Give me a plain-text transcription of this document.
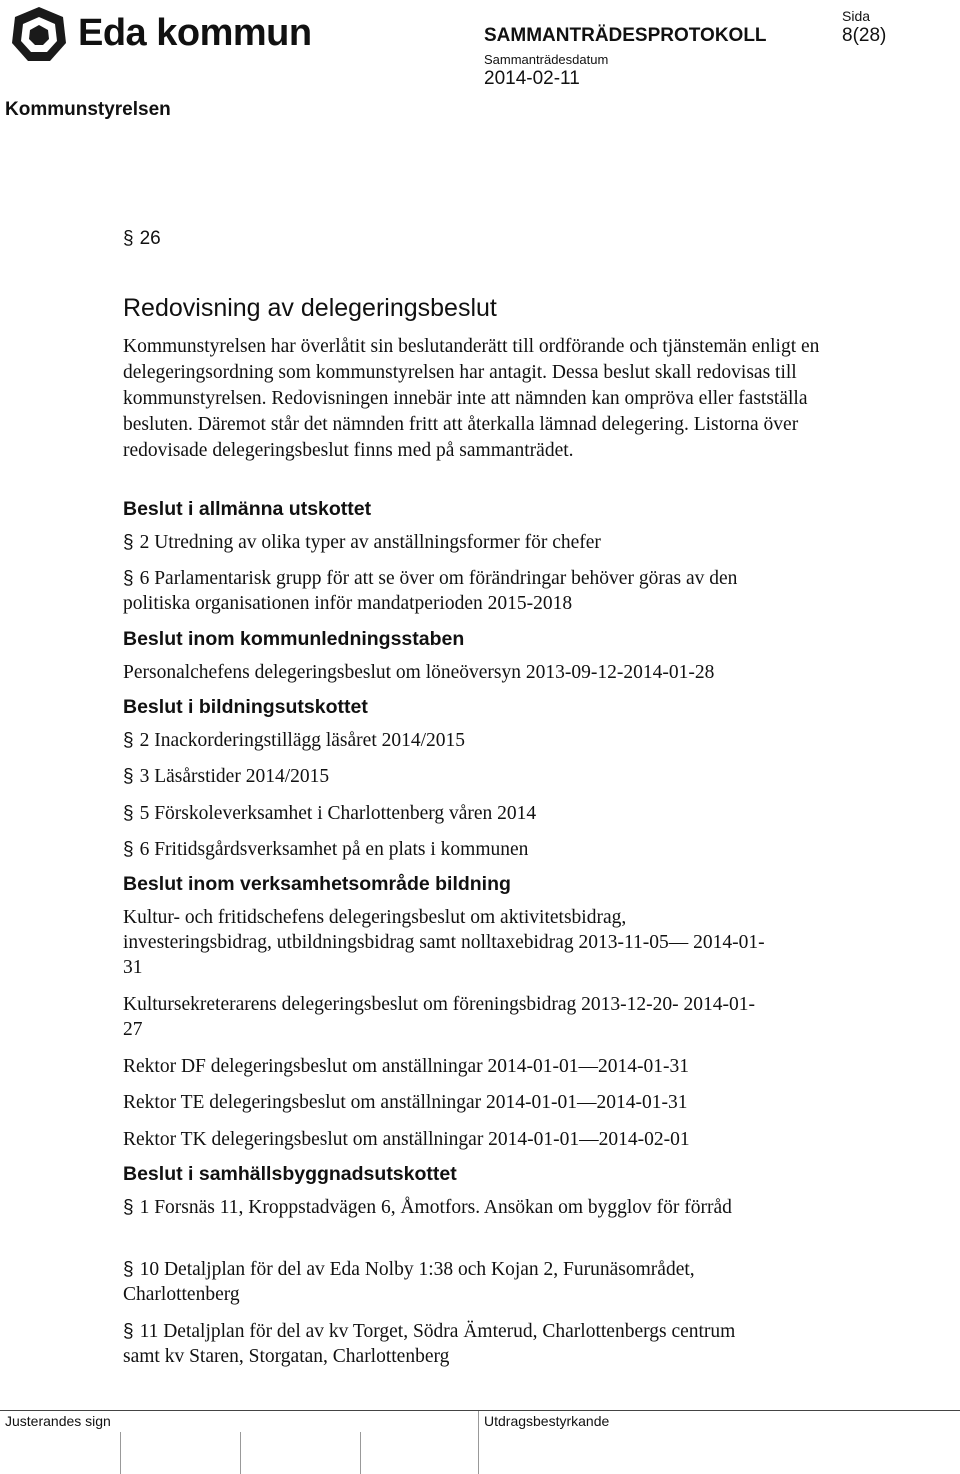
Eda kommun
Kommunstyrelsen
SAMMANTRÄDESPROTOKOLL
Sammanträdesdatum
2014-02-11
Sida
8(28)
§ 26
Redovisning av delegeringsbeslut
Kommunstyrelsen har överlåtit sin beslutanderätt till ordförande och tjänstemän enligt en delegeringsordning som kommunstyrelsen har antagit. Dessa beslut skall redovisas till kommunstyrelsen. Redovisningen innebär inte att nämnden kan ompröva eller fastställa besluten. Däremot står det nämnden fritt att återkalla lämnad delegering. Listorna över redovisade delegeringsbeslut finns med på sammanträdet.
Beslut i allmänna utskottet
§ 2 Utredning av olika typer av anställningsformer för chefer
§ 6 Parlamentarisk grupp för att se över om förändringar behöver göras av den politiska organisationen inför mandatperioden 2015-2018
Beslut inom kommunledningsstaben
Personalchefens delegeringsbeslut om löneöversyn 2013-09-12-2014-01-28
Beslut i bildningsutskottet
§ 2 Inackorderingstillägg läsåret 2014/2015
§ 3 Läsårstider 2014/2015
§ 5 Förskoleverksamhet i Charlottenberg våren 2014
§ 6 Fritidsgårdsverksamhet på en plats i kommunen
Beslut inom verksamhetsområde bildning
Kultur- och fritidschefens delegeringsbeslut om aktivitetsbidrag, investeringsbidrag, utbildningsbidrag samt nolltaxebidrag 2013-11-05— 2014-01-31
Kultursekreterarens delegeringsbeslut om föreningsbidrag 2013-12-20- 2014-01-27
Rektor DF delegeringsbeslut om anställningar 2014-01-01—2014-01-31
Rektor TE delegeringsbeslut om anställningar 2014-01-01—2014-01-31
Rektor TK delegeringsbeslut om anställningar 2014-01-01—2014-02-01
Beslut i samhällsbyggnadsutskottet
§ 1 Forsnäs 11, Kroppstadvägen 6, Åmotfors. Ansökan om bygglov för förråd
§ 10 Detaljplan för del av Eda Nolby 1:38 och Kojan 2, Furunäsområdet, Charlottenberg
§ 11 Detaljplan för del av kv Torget, Södra Ämterud, Charlottenbergs centrum samt kv Staren, Storgatan, Charlottenberg
Justerandes sign	Utdragsbestyrkande
